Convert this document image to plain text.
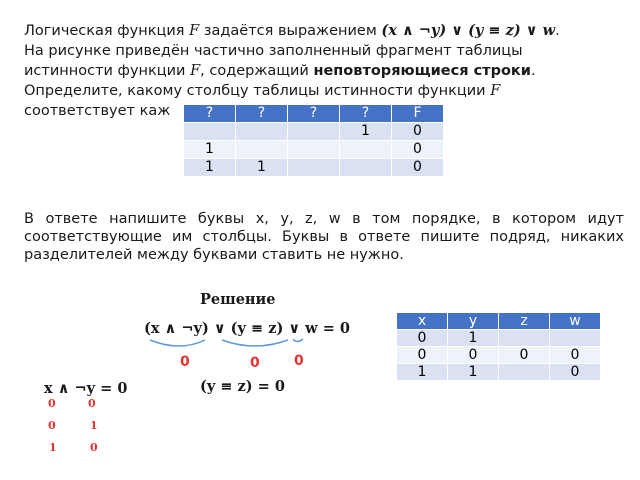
Логическая функция F задаётся выражением (x ∧ ¬y) ∨ (y ≡ z) ∨ w.
На рисунке приведён частично заполненный фрагмент таблицы
истинности функции F, содержащий неповторяющиеся строки.
Определите, какому столбцу таблицы истинности функции F
соответствует каж	?	?	?	?	F
			1	0
1				0
1	1			0
В ответе напишите буквы x, y, z, w в том порядке, в котором идут соответствующие им столбцы. Буквы в ответе пишите подряд, никаких разделителей между буквами ставить не нужно.
Решение
(x ∧ ¬y) ∨ (y ≡ z) ∨ w = 0
0	0 0
(y ≡ z) = 0
x ∧ ¬y = 0
0	0
0	1
1	0
x	y	z	w
0	1		
0	0	0	0
1	1		0
